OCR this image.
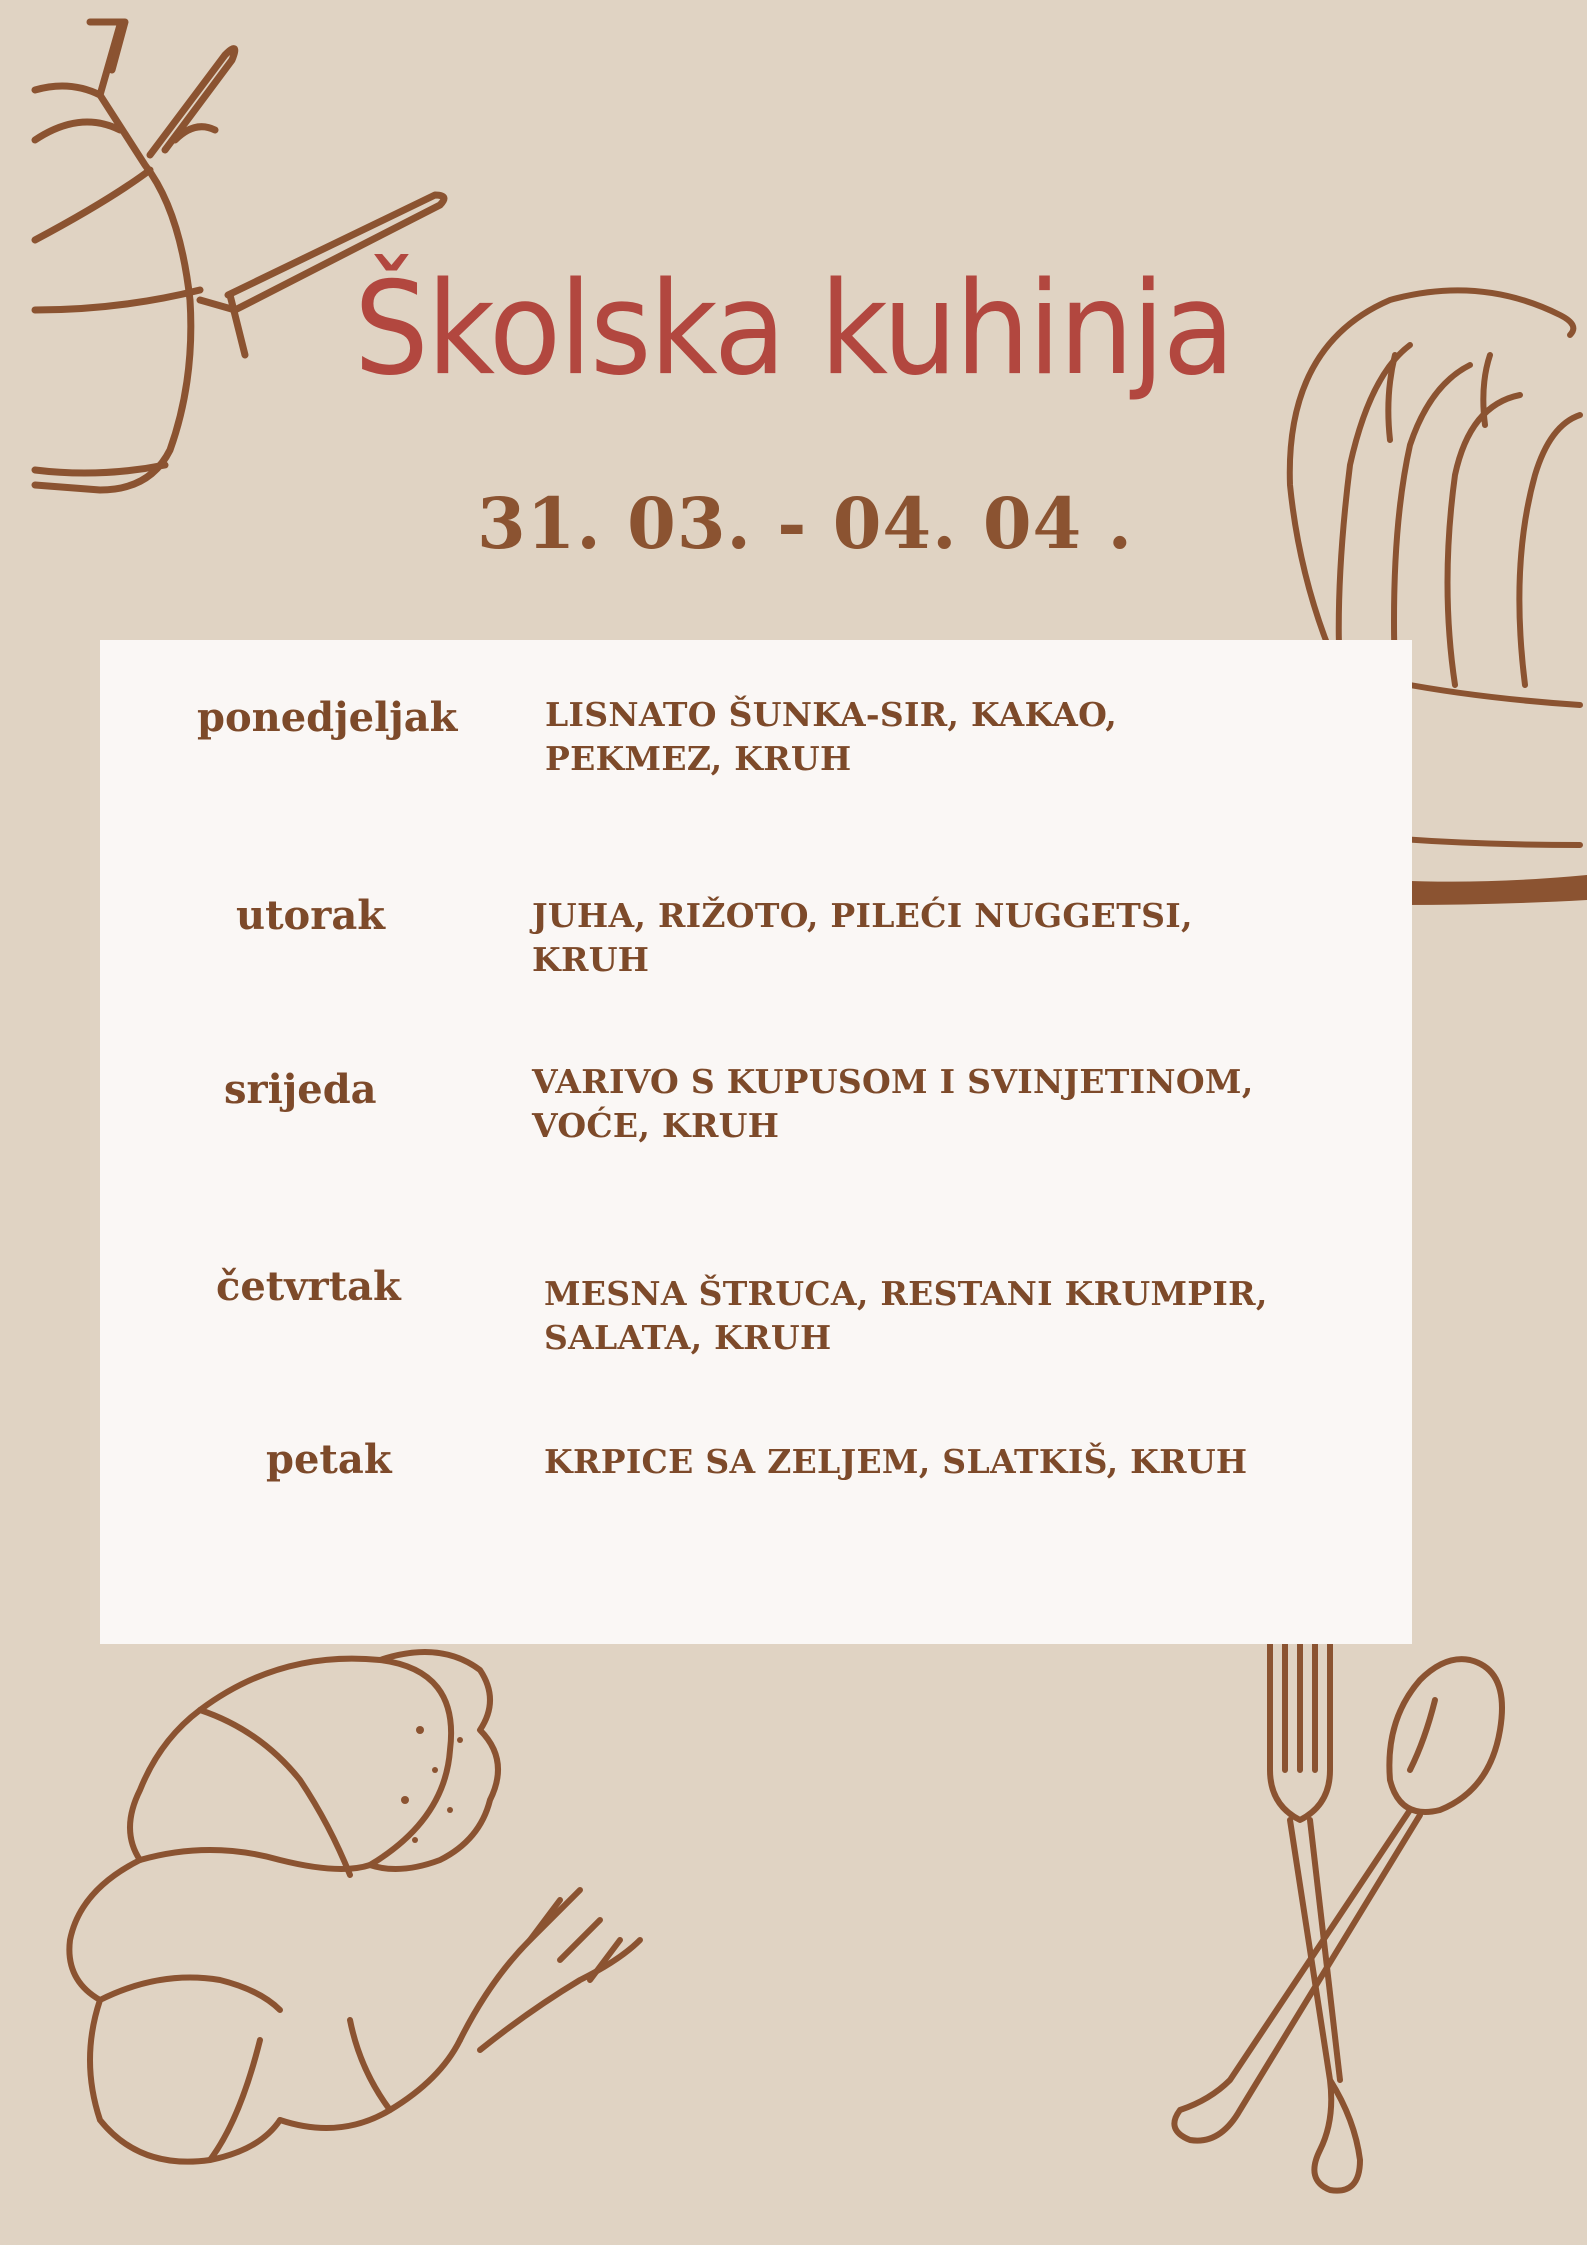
Školska kuhinja
31. 03. - 04. 04 .
ponedjeljak	LISNATO ŠUNKA-SIR, KAKAO, PEKMEZ, KRUH
utorak	JUHA, RIŽOTO, PILEĆI NUGGETSI, KRUH
srijeda	VARIVO S KUPUSOM I SVINJETINOM, VOĆE, KRUH
četvrtak	MESNA ŠTRUCA, RESTANI KRUMPIR, SALATA, KRUH
petak	KRPICE SA ZELJEM, SLATKIŠ, KRUH
